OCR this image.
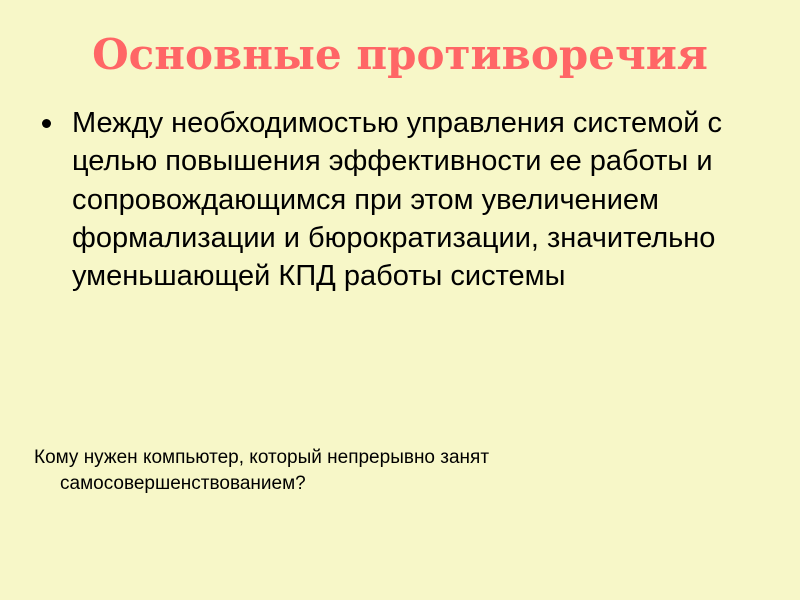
Основные противоречия
Между необходимостью управления системой с целью повышения эффективности ее работы и сопровождающимся при этом увеличением формализации и бюрократизации, значительно уменьшающей КПД работы системы
Кому нужен компьютер, который непрерывно занят
самосовершенствованием?
